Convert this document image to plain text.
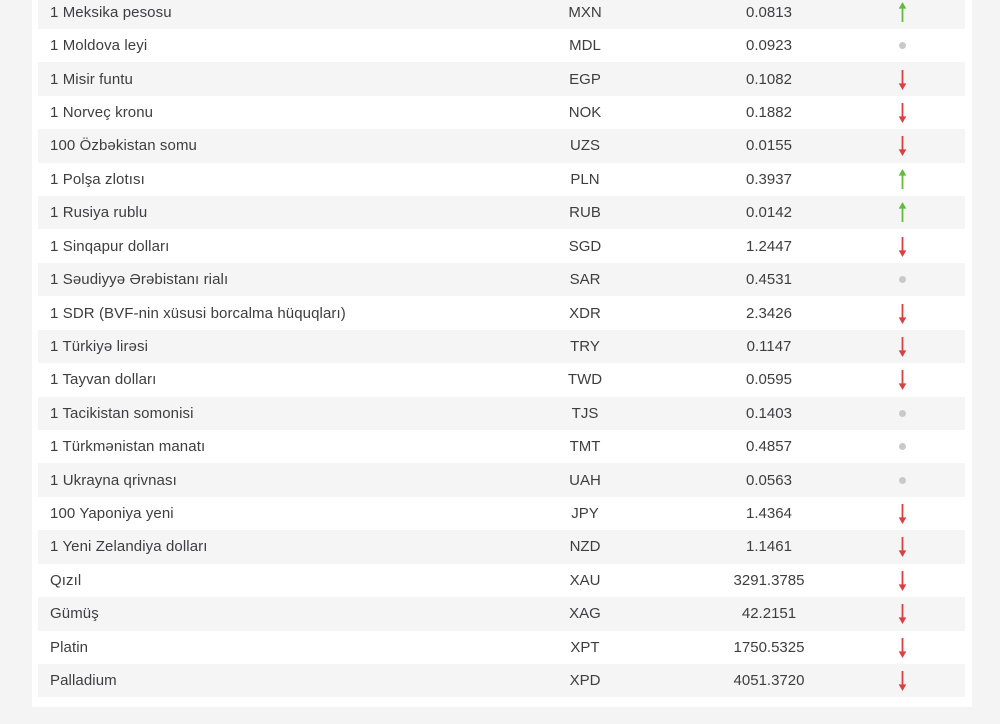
1 Meksika pesosu	MXN	0.0813
1 Moldova leyi	MDL	0.0923
1 Misir funtu	EGP	0.1082
1 Norveç kronu	NOK	0.1882
100 Özbəkistan somu	UZS	0.0155
1 Polşa zlotısı	PLN	0.3937
1 Rusiya rublu	RUB	0.0142
1 Sinqapur dolları	SGD	1.2447
1 Səudiyyə Ərəbistanı rialı	SAR	0.4531
1 SDR (BVF-nin xüsusi borcalma hüquqları)	XDR	2.3426
1 Türkiyə lirəsi	TRY	0.1147
1 Tayvan dolları	TWD	0.0595
1 Tacikistan somonisi	TJS	0.1403
1 Türkmənistan manatı	TMT	0.4857
1 Ukrayna qrivnası	UAH	0.0563
100 Yaponiya yeni	JPY	1.4364
1 Yeni Zelandiya dolları	NZD	1.1461
Qızıl	XAU	3291.3785
Gümüş	XAG	42.2151
Platin	XPT	1750.5325
Palladium	XPD	4051.3720
